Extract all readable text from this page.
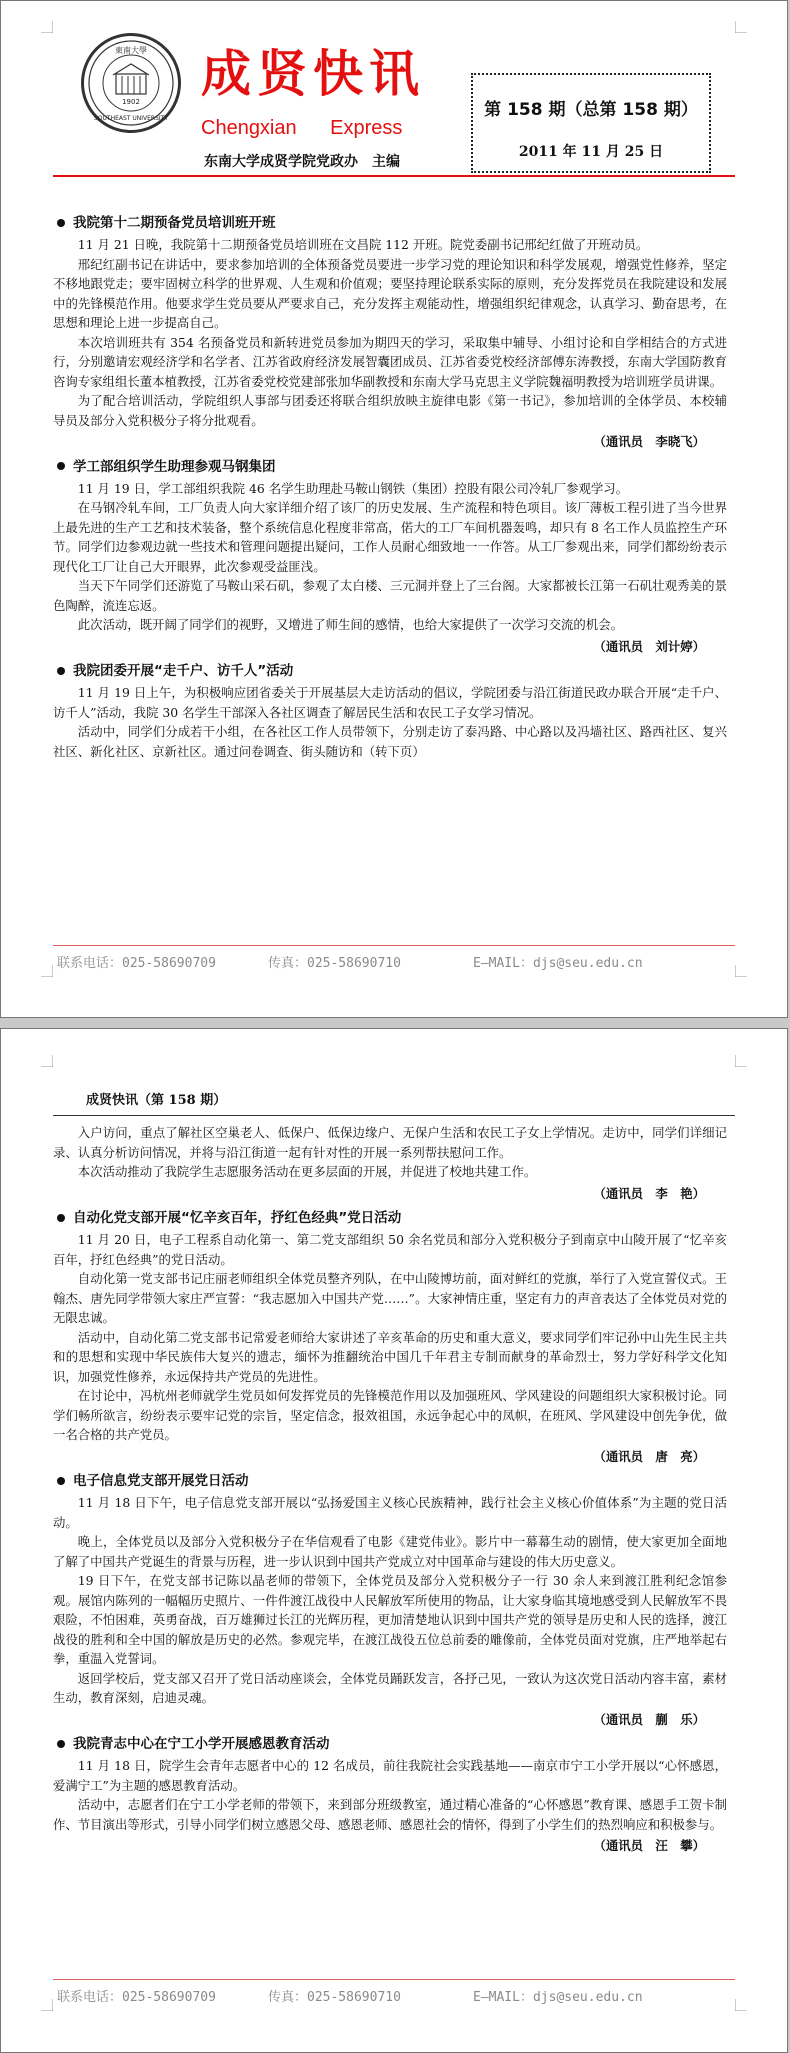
東南大學
SOUTHEAST UNIVERSITY
1902 成贤快讯
Chengxian Express
东南大学成贤学院党政办　主编
第 158 期（总第 158 期）
2011 年 11 月 25 日
我院第十二期预备党员培训班开班

11 月 21 日晚，我院第十二期预备党员培训班在文昌院 112 开班。院党委副书记邢纪红做了开班动员。

邢纪红副书记在讲话中，要求参加培训的全体预备党员要进一步学习党的理论知识和科学发展观，增强党性修养，坚定不移地跟党走；要牢固树立科学的世界观、人生观和价值观；要坚持理论联系实际的原则，充分发挥党员在我院建设和发展中的先锋模范作用。他要求学生党员要从严要求自己，充分发挥主观能动性，增强组织纪律观念，认真学习、勤奋思考，在思想和理论上进一步提高自己。

本次培训班共有 354 名预备党员和新转进党员参加为期四天的学习，采取集中辅导、小组讨论和自学相结合的方式进行，分别邀请宏观经济学和名学者、江苏省政府经济发展智囊团成员、江苏省委党校经济部傅东涛教授，东南大学国防教育咨询专家组组长董本植教授，江苏省委党校党建部张加华副教授和东南大学马克思主义学院魏福明教授为培训班学员讲课。

为了配合培训活动，学院组织人事部与团委还将联合组织放映主旋律电影《第一书记》，参加培训的全体学员、本校辅导员及部分入党积极分子将分批观看。

（通讯员　李晓飞）
学工部组织学生助理参观马钢集团

11 月 19 日，学工部组织我院 46 名学生助理赴马鞍山钢铁（集团）控股有限公司冷轧厂参观学习。

在马钢冷轧车间，工厂负责人向大家详细介绍了该厂的历史发展、生产流程和特色项目。该厂薄板工程引进了当今世界上最先进的生产工艺和技术装备，整个系统信息化程度非常高，偌大的工厂车间机器轰鸣，却只有 8 名工作人员监控生产环节。同学们边参观边就一些技术和管理问题提出疑问，工作人员耐心细致地一一作答。从工厂参观出来，同学们都纷纷表示现代化工厂让自己大开眼界，此次参观受益匪浅。

当天下午同学们还游览了马鞍山采石矶，参观了太白楼、三元洞并登上了三台阁。大家都被长江第一石矶壮观秀美的景色陶醉，流连忘返。

此次活动，既开阔了同学们的视野，又增进了师生间的感情，也给大家提供了一次学习交流的机会。

（通讯员　刘计婷）
我院团委开展“走千户、访千人”活动

11 月 19 日上午，为积极响应团省委关于开展基层大走访活动的倡议，学院团委与沿江街道民政办联合开展“走千户、访千人”活动，我院 30 名学生干部深入各社区调查了解居民生活和农民工子女学习情况。

活动中，同学们分成若干小组，在各社区工作人员带领下，分别走访了泰冯路、中心路以及冯墙社区、路西社区、复兴社区、新化社区、京新社区。通过问卷调查、街头随访和（转下页）

联系电话：025-58690709	传真：025-58690710	E—MAIL：djs@seu.edu.cn
成贤快讯（第 158 期）

入户访问，重点了解社区空巢老人、低保户、低保边缘户、无保户生活和农民工子女上学情况。走访中，同学们详细记录、认真分析访问情况，并将与沿江街道一起有针对性的开展一系列帮扶慰问工作。

本次活动推动了我院学生志愿服务活动在更多层面的开展，并促进了校地共建工作。

（通讯员　李　艳）
自动化党支部开展“忆辛亥百年，抒红色经典”党日活动

11 月 20 日，电子工程系自动化第一、第二党支部组织 50 余名党员和部分入党积极分子到南京中山陵开展了“忆辛亥百年，抒红色经典”的党日活动。

自动化第一党支部书记庄丽老师组织全体党员整齐列队，在中山陵博坊前，面对鲜红的党旗，举行了入党宣誓仪式。王翰杰、唐先同学带领大家庄严宣誓：“我志愿加入中国共产党……”。大家神情庄重，坚定有力的声音表达了全体党员对党的无限忠诚。

活动中，自动化第二党支部书记常爱老师给大家讲述了辛亥革命的历史和重大意义，要求同学们牢记孙中山先生民主共和的思想和实现中华民族伟大复兴的遗志，缅怀为推翻统治中国几千年君主专制而献身的革命烈士，努力学好科学文化知识，加强党性修养，永远保持共产党员的先进性。

在讨论中，冯杭州老师就学生党员如何发挥党员的先锋模范作用以及加强班风、学风建设的问题组织大家积极讨论。同学们畅所欲言，纷纷表示要牢记党的宗旨，坚定信念，报效祖国，永远争起心中的凤帜，在班风、学风建设中创先争优，做一名合格的共产党员。

（通讯员　唐　亮）
电子信息党支部开展党日活动

11 月 18 日下午，电子信息党支部开展以“弘扬爱国主义核心民族精神，践行社会主义核心价值体系”为主题的党日活动。

晚上，全体党员以及部分入党积极分子在华信观看了电影《建党伟业》。影片中一幕幕生动的剧情，使大家更加全面地了解了中国共产党诞生的背景与历程，进一步认识到中国共产党成立对中国革命与建设的伟大历史意义。

19 日下午，在党支部书记陈以晶老师的带领下，全体党员及部分入党积极分子一行 30 余人来到渡江胜利纪念馆参观。展馆内陈列的一幅幅历史照片、一件件渡江战役中人民解放军所使用的物品，让大家身临其境地感受到人民解放军不畏艰险，不怕困难，英勇奋战，百万雄狮过长江的光辉历程，更加清楚地认识到中国共产党的领导是历史和人民的选择，渡江战役的胜利和全中国的解放是历史的必然。参观完毕，在渡江战役五位总前委的雕像前，全体党员面对党旗，庄严地举起右拳，重温入党誓词。

返回学校后，党支部又召开了党日活动座谈会，全体党员踊跃发言，各抒己见，一致认为这次党日活动内容丰富，素材生动，教育深刻，启迪灵魂。

（通讯员　蒯　乐）
我院青志中心在宁工小学开展感恩教育活动

11 月 18 日，院学生会青年志愿者中心的 12 名成员，前往我院社会实践基地——南京市宁工小学开展以“心怀感恩，爱满宁工”为主题的感恩教育活动。

活动中，志愿者们在宁工小学老师的带领下，来到部分班级教室，通过精心准备的“心怀感恩”教育课、感恩手工贺卡制作、节目演出等形式，引导小同学们树立感恩父母、感恩老师、感恩社会的情怀，得到了小学生们的热烈响应和积极参与。

（通讯员　汪　攀）
联系电话：025-58690709	传真：025-58690710	E—MAIL：djs@seu.edu.cn
